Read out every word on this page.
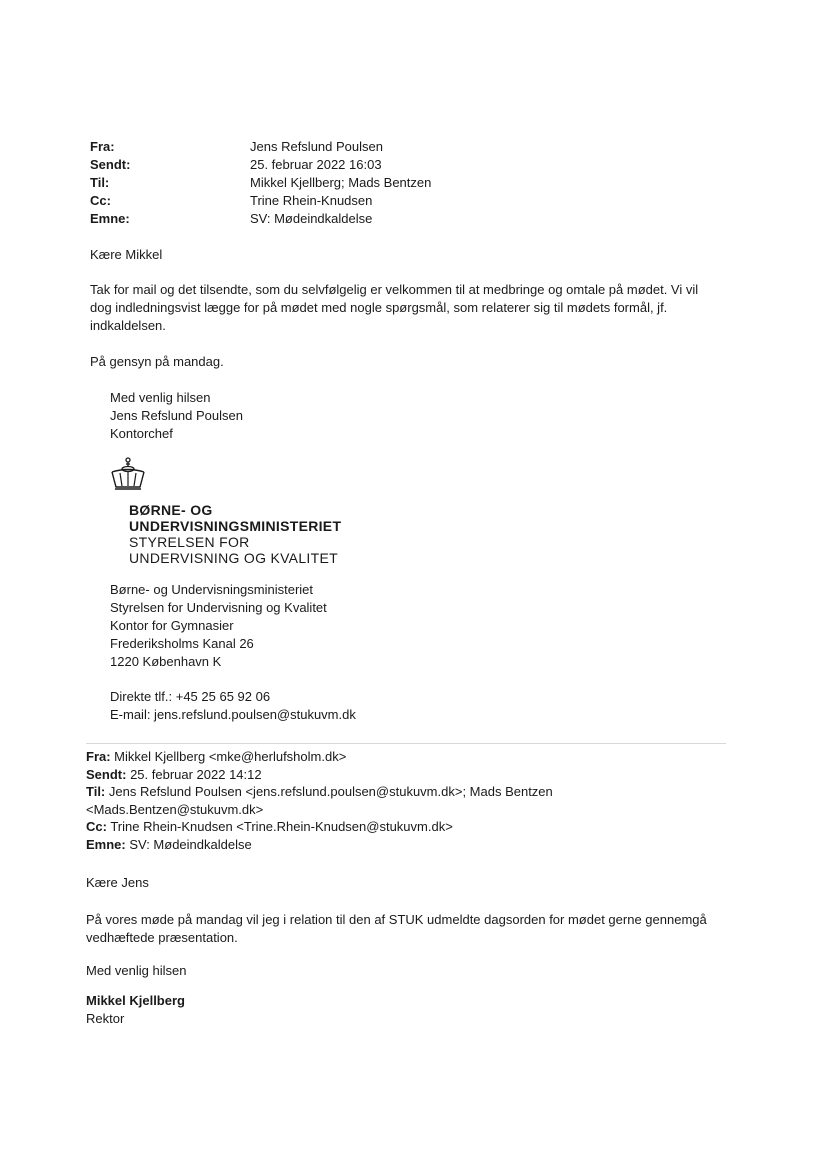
Fra:	Jens Refslund Poulsen
Sendt:	25. februar 2022 16:03
Til:	Mikkel Kjellberg; Mads Bentzen
Cc:	Trine Rhein-Knudsen
Emne:	SV: Mødeindkaldelse
Kære Mikkel
Tak for mail og det tilsendte, som du selvfølgelig er velkommen til at medbringe og omtale på mødet. Vi vil
dog indledningsvist lægge for på mødet med nogle spørgsmål, som relaterer sig til mødets formål, jf.
indkaldelsen.
På gensyn på mandag.
Med venlig hilsen
Jens Refslund Poulsen
Kontorchef
BØRNE- OG
UNDERVISNINGSMINISTERIET
STYRELSEN FOR
UNDERVISNING OG KVALITET
Børne- og Undervisningsministeriet
Styrelsen for Undervisning og Kvalitet
Kontor for Gymnasier
Frederiksholms Kanal 26
1220 København K
Direkte tlf.: +45 25 65 92 06
E-mail: jens.refslund.poulsen@stukuvm.dk
Fra: Mikkel Kjellberg <mke@herlufsholm.dk>
Sendt: 25. februar 2022 14:12
Til: Jens Refslund Poulsen <jens.refslund.poulsen@stukuvm.dk>; Mads Bentzen
<Mads.Bentzen@stukuvm.dk>
Cc: Trine Rhein-Knudsen <Trine.Rhein-Knudsen@stukuvm.dk>
Emne: SV: Mødeindkaldelse
Kære Jens
På vores møde på mandag vil jeg i relation til den af STUK udmeldte dagsorden for mødet gerne gennemgå
vedhæftede præsentation.
Med venlig hilsen
Mikkel Kjellberg
Rektor
